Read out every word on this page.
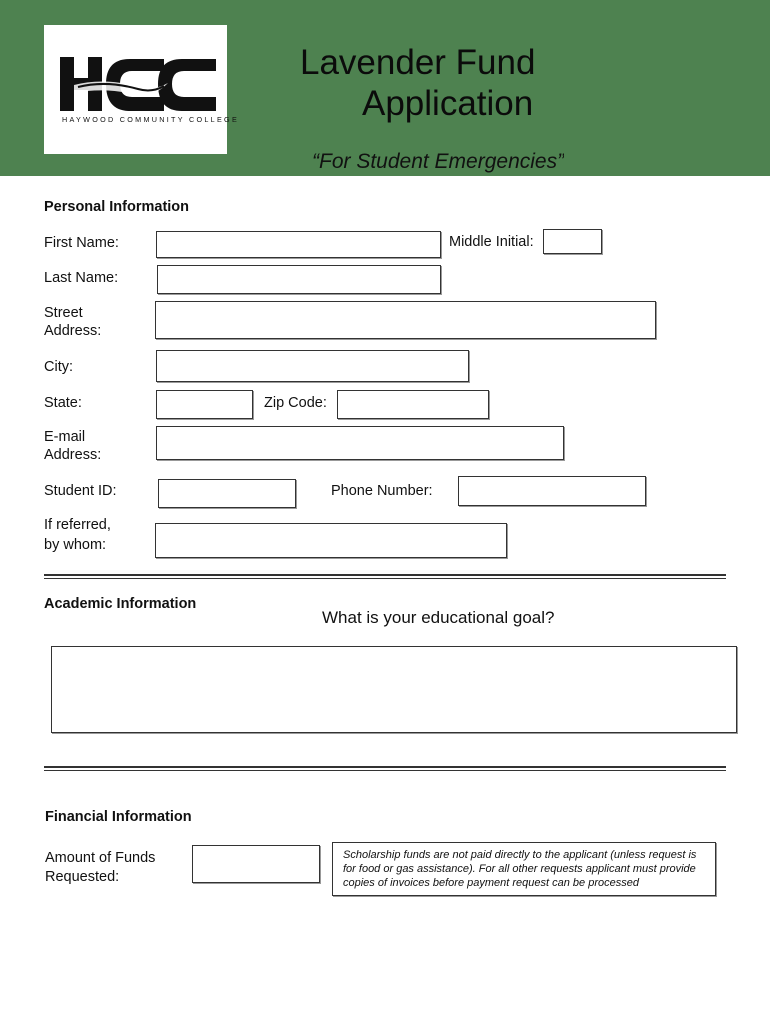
HAYWOOD COMMUNITY COLLEGE
Lavender Fund
Application
“For Student Emergencies”
Personal Information
First Name:	Middle Initial:
Last Name:
Street
Address:
City:
State:	Zip Code:
E-mail
Address:
Student ID:	Phone Number:
If referred,
by whom:
Academic Information
What is your educational goal?
Financial Information
Amount of Funds
Requested:
Scholarship funds are not paid directly to the applicant (unless request is for food or gas assistance). For all other requests applicant must provide copies of invoices before payment request can be processed
